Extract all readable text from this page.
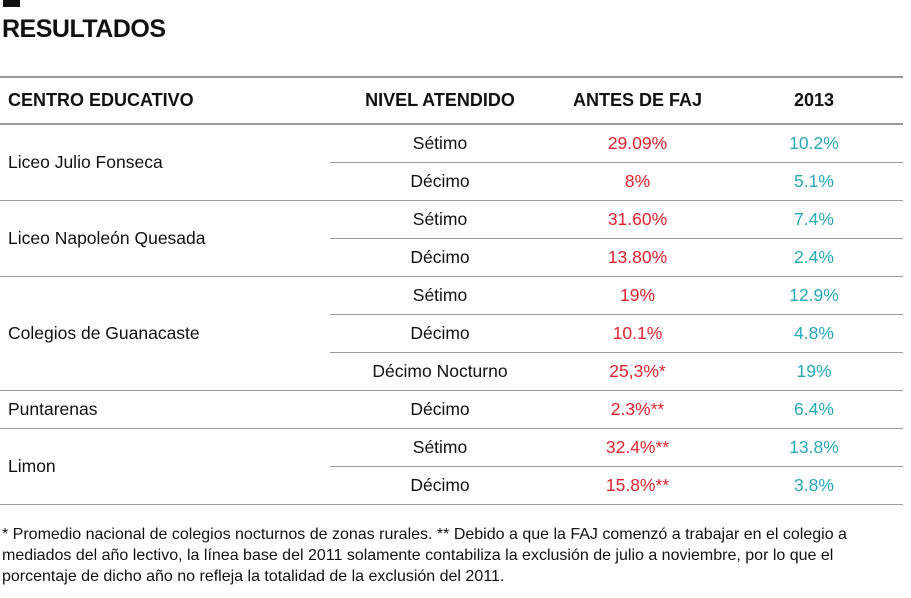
RESULTADOS
CENTRO EDUCATIVO	NIVEL ATENDIDO	ANTES DE FAJ	2013
Liceo Julio Fonseca	Sétimo	29.09%	10.2%
	Décimo	8%	5.1%
Liceo Napoleón Quesada	Sétimo	31.60%	7.4%
	Décimo	13.80%	2.4%
Colegios de Guanacaste	Sétimo	19%	12.9%
	Décimo	10.1%	4.8%
	Décimo Nocturno	25,3%*	19%
Puntarenas	Décimo	2.3%**	6.4%
Limon	Sétimo	32.4%**	13.8%
	Décimo	15.8%**	3.8%
* Promedio nacional de colegios nocturnos de zonas rurales. ** Debido a que la FAJ comenzó a trabajar en el colegio a mediados del año lectivo, la línea base del 2011 solamente contabiliza la exclusión de julio a noviembre, por lo que el porcentaje de dicho año no refleja la totalidad de la exclusión del 2011.
